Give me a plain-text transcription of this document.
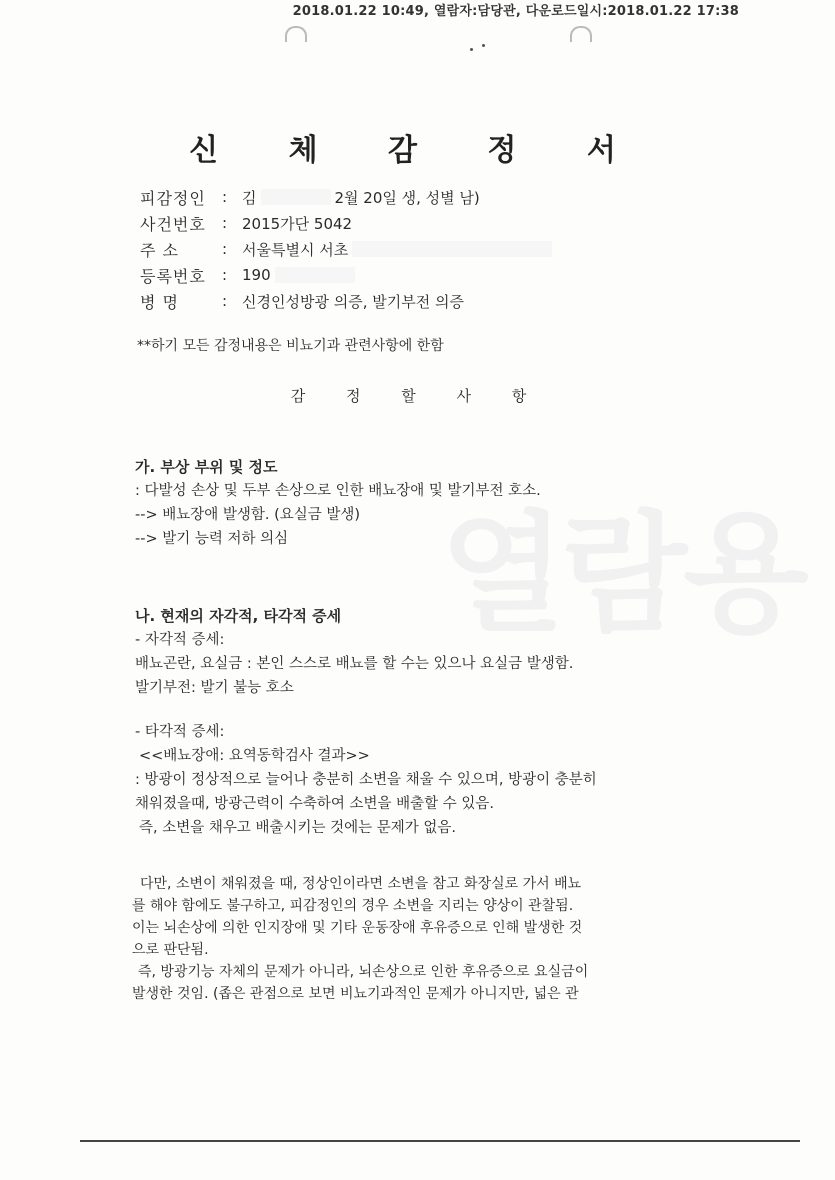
2018.01.22 10:49, 열람자:담당관, 다운로드일시:2018.01.22 17:38
열람용
신 체 감 정 서
피감정인	: 김	2월 20일 생, 성별 남)
사건번호	: 2015가단 5042
주 소	: 서울특별시 서초
등록번호	: 190
병 명	: 신경인성방광 의증, 발기부전 의증
**하기 모든 감정내용은 비뇨기과 관련사항에 한함
감 정 할 사 항
가. 부상 부위 및 정도
: 다발성 손상 및 두부 손상으로 인한 배뇨장애 및 발기부전 호소.
--> 배뇨장애 발생함. (요실금 발생)
--> 발기 능력 저하 의심
나. 현재의 자각적, 타각적 증세
- 자각적 증세:
배뇨곤란, 요실금 : 본인 스스로 배뇨를 할 수는 있으나 요실금 발생함.
발기부전: 발기 불능 호소
- 타각적 증세:
<<배뇨장애: 요역동학검사 결과>>
: 방광이 정상적으로 늘어나 충분히 소변을 채울 수 있으며, 방광이 충분히
채워졌을때, 방광근력이 수축하여 소변을 배출할 수 있음.
즉, 소변을 채우고 배출시키는 것에는 문제가 없음.
다만, 소변이 채워졌을 때, 정상인이라면 소변을 참고 화장실로 가서 배뇨
를 해야 함에도 불구하고, 피감정인의 경우 소변을 지리는 양상이 관찰됨.
이는 뇌손상에 의한 인지장애 및 기타 운동장애 후유증으로 인해 발생한 것
으로 판단됨.
즉, 방광기능 자체의 문제가 아니라, 뇌손상으로 인한 후유증으로 요실금이
발생한 것임. (좁은 관점으로 보면 비뇨기과적인 문제가 아니지만, 넓은 관
